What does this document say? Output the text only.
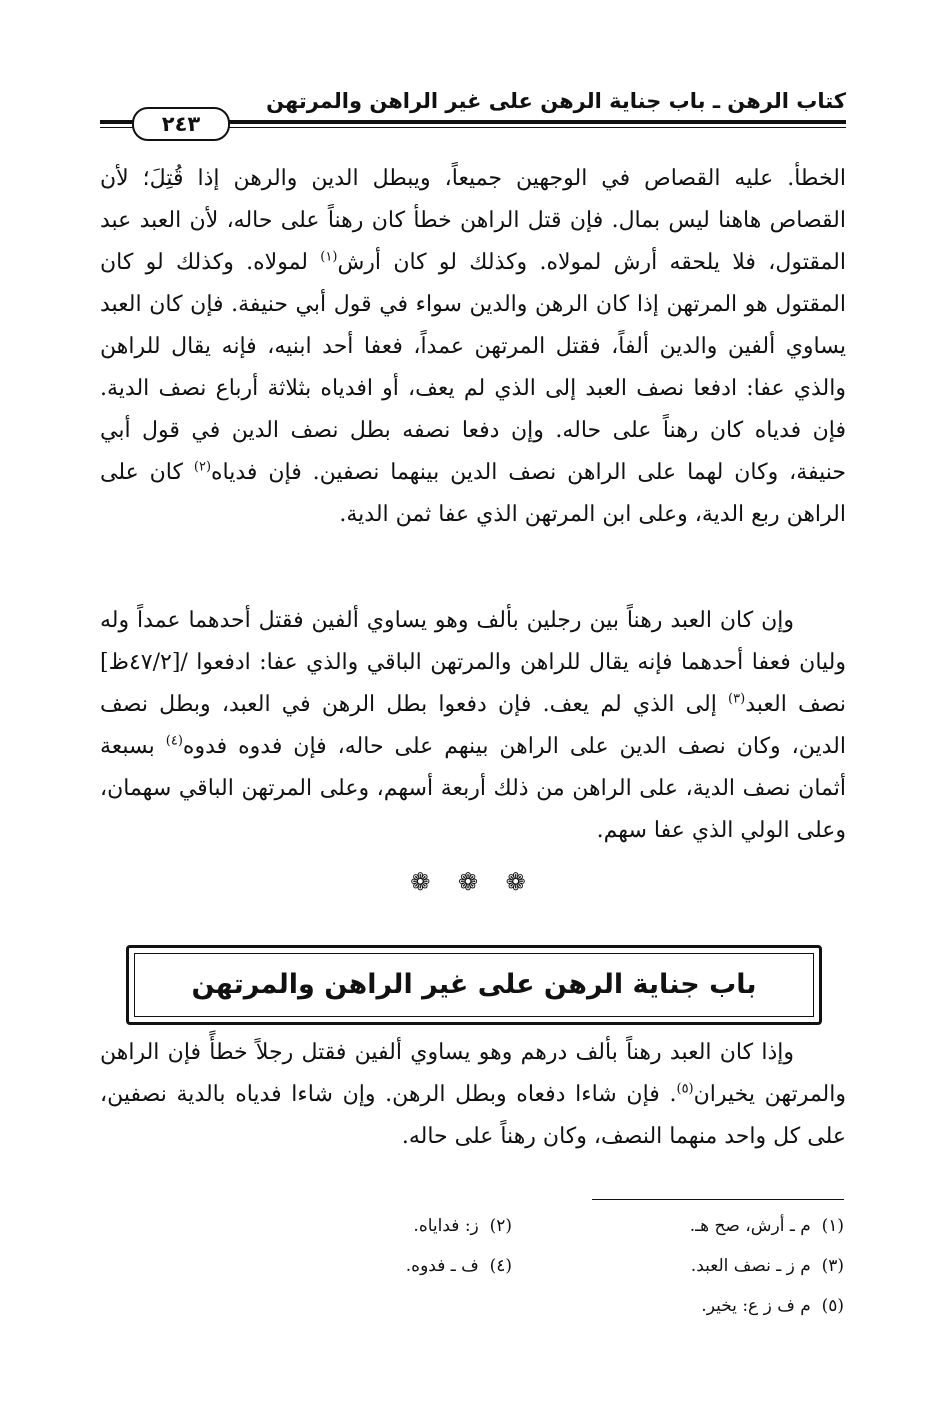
كتاب الرهن ـ باب جناية الرهن على غير الراهن والمرتهن
٢٤٣
الخطأ. عليه القصاص في الوجهين جميعاً، ويبطل الدين والرهن إذا قُتِلَ؛ لأن القصاص هاهنا ليس بمال. فإن قتل الراهن خطأ كان رهناً على حاله، لأن العبد عبد المقتول، فلا يلحقه أرش لمولاه. وكذلك لو كان أرش$^{(١)}$ لمولاه. وكذلك لو كان المقتول هو المرتهن إذا كان الرهن والدين سواء في قول أبي حنيفة. فإن كان العبد يساوي ألفين والدين ألفاً، فقتل المرتهن عمداً، فعفا أحد ابنيه، فإنه يقال للراهن والذي عفا: ادفعا نصف العبد إلى الذي لم يعف، أو افدياه بثلاثة أرباع نصف الدية. فإن فدياه كان رهناً على حاله. وإن دفعا نصفه بطل نصف الدين في قول أبي حنيفة، وكان لهما على الراهن نصف الدين بينهما نصفين. فإن فدياه$^{(٢)}$ كان على الراهن ربع الدية، وعلى ابن المرتهن الذي عفا ثمن الدية.
وإن كان العبد رهناً بين رجلين بألف وهو يساوي ألفين فقتل أحدهما عمداً وله وليان فعفا أحدهما فإنه يقال للراهن والمرتهن الباقي والذي عفا: ادفعوا /[٤٧/٢ظ] نصف العبد$^{(٣)}$ إلى الذي لم يعف. فإن دفعوا بطل الرهن في العبد، وبطل نصف الدين، وكان نصف الدين على الراهن بينهم على حاله، فإن فدوه فدوه$^{(٤)}$ بسبعة أثمان نصف الدية، على الراهن من ذلك أربعة أسهم، وعلى المرتهن الباقي سهمان، وعلى الولي الذي عفا سهم.
❁ ❁ ❁
باب جناية الرهن على غير الراهن والمرتهن
وإذا كان العبد رهناً بألف درهم وهو يساوي ألفين فقتل رجلاً خطأً فإن الراهن والمرتهن يخيران$^{(٥)}$. فإن شاءا دفعاه وبطل الرهن. وإن شاءا فدياه بالدية نصفين، على كل واحد منهما النصف، وكان رهناً على حاله.
(١)  م ـ أرش، صح هـ.
(٢)  ز: فداياه.
(٣)  م ز ـ نصف العبد.
(٤)  ف ـ فدوه.
(٥)  م ف ز ع: يخير.
